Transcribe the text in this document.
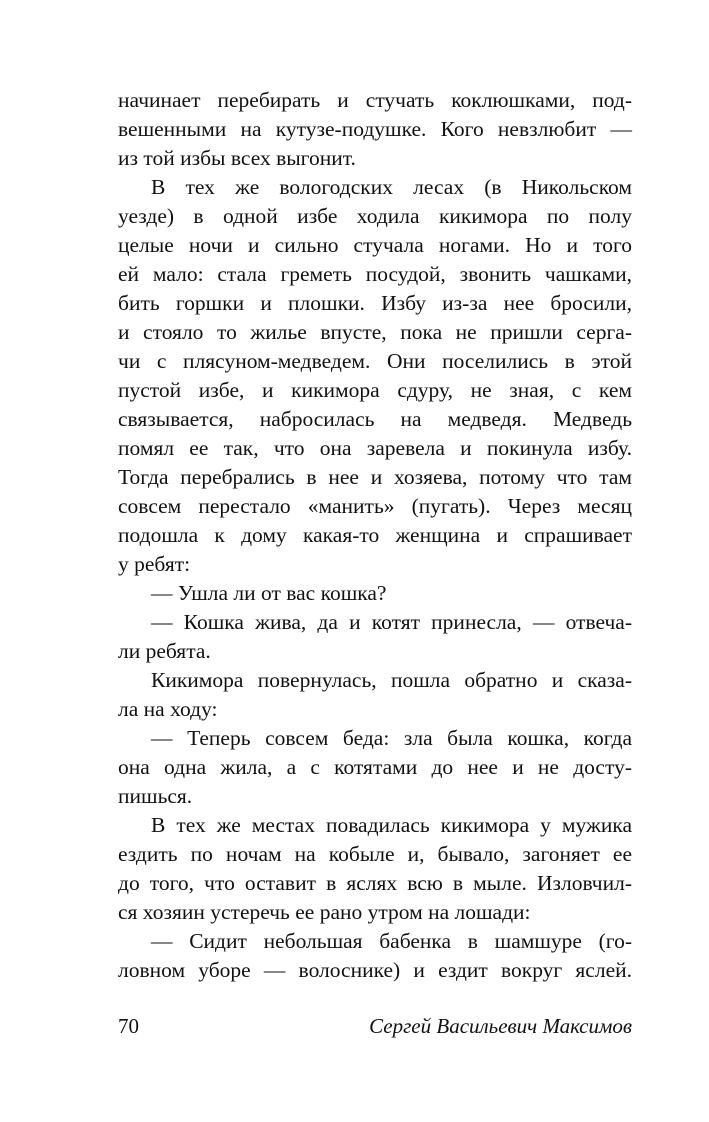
начинает перебирать и стучать коклюшками, под-
вешенными на кутузе-подушке. Кого невзлюбит —
из той избы всех выгонит.
В тех же вологодских лесах (в Никольском
уезде) в одной избе ходила кикимора по полу
целые ночи и сильно стучала ногами. Но и того
ей мало: стала греметь посудой, звонить чашками,
бить горшки и плошки. Избу из-за нее бросили,
и стояло то жилье впусте, пока не пришли серга-
чи с плясуном-медведем. Они поселились в этой
пустой избе, и кикимора сдуру, не зная, с кем
связывается, набросилась на медведя. Медведь
помял ее так, что она заревела и покинула избу.
Тогда перебрались в нее и хозяева, потому что там
совсем перестало «манить» (пугать). Через месяц
подошла к дому какая-то женщина и спрашивает
у ребят:
— Ушла ли от вас кошка?
— Кошка жива, да и котят принесла, — отвеча-
ли ребята.
Кикимора повернулась, пошла обратно и сказа-
ла на ходу:
— Теперь совсем беда: зла была кошка, когда
она одна жила, а с котятами до нее и не досту-
пишься.
В тех же местах повадилась кикимора у мужика
ездить по ночам на кобыле и, бывало, загоняет ее
до того, что оставит в яслях всю в мыле. Изловчил-
ся хозяин устеречь ее рано утром на лошади:
— Сидит небольшая бабенка в шамшуре (го-
ловном уборе — волоснике) и ездит вокруг яслей.
70	Сергей Васильевич Максимов
